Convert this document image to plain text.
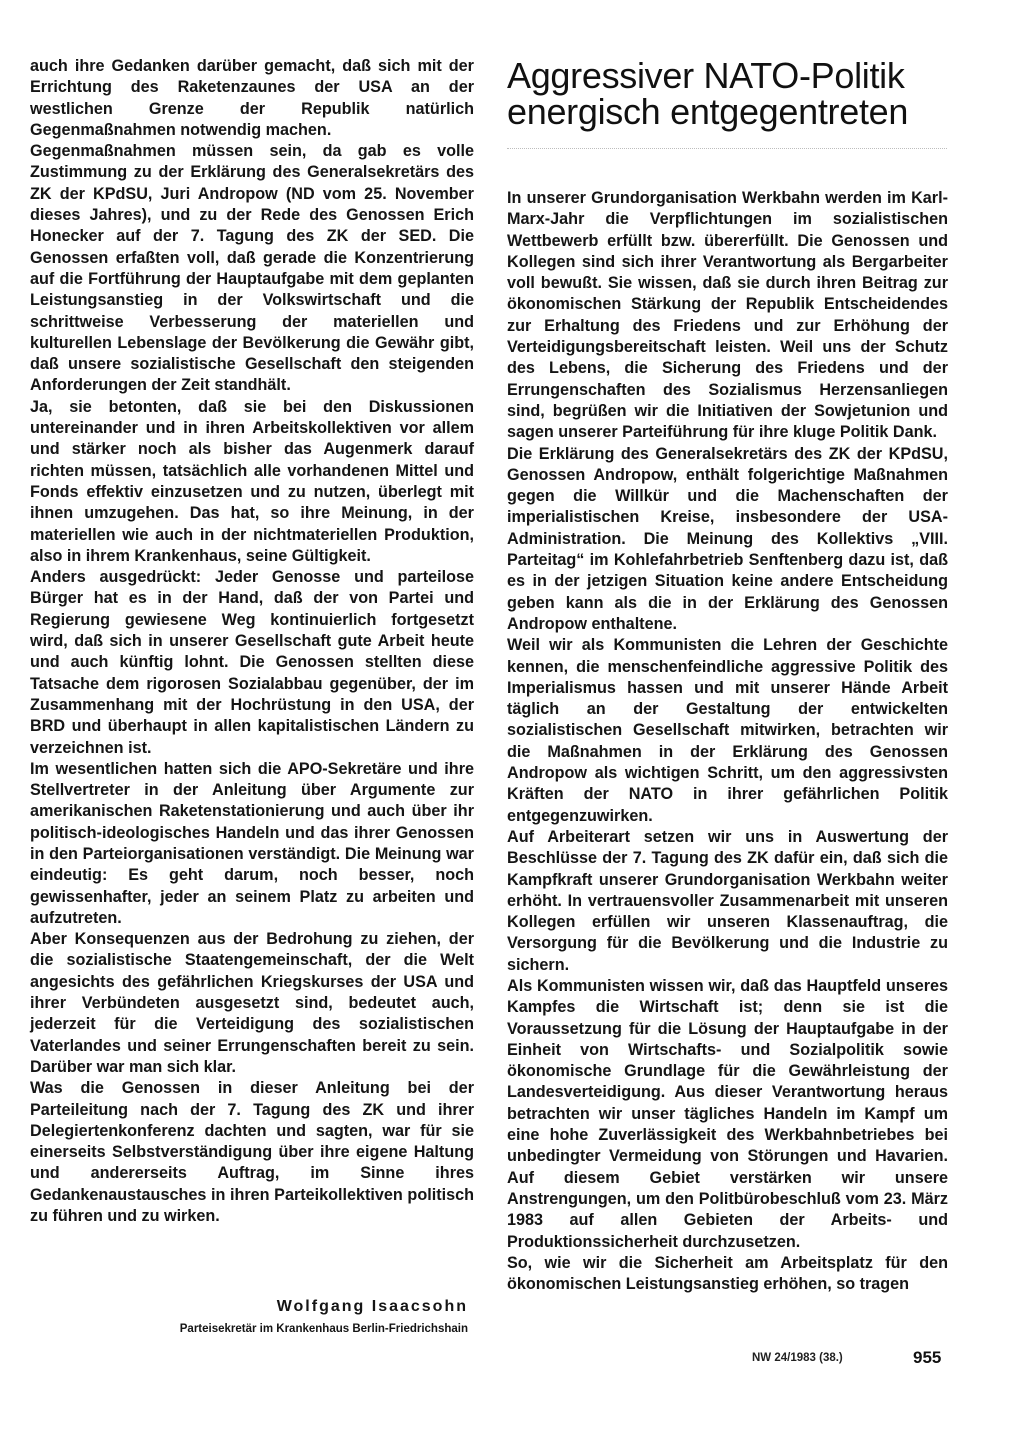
auch ihre Gedanken darüber gemacht, daß sich mit der Errichtung des Raketenzaunes der USA an der westlichen Grenze der Republik natürlich Gegenmaßnahmen notwendig machen.

Gegenmaßnahmen müssen sein, da gab es volle Zustimmung zu der Erklärung des Generalsekretärs des ZK der KPdSU, Juri Andropow (ND vom 25. November dieses Jahres), und zu der Rede des Genossen Erich Honecker auf der 7. Tagung des ZK der SED. Die Genossen erfaßten voll, daß gerade die Konzentrierung auf die Fortführung der Hauptaufgabe mit dem geplanten Leistungsanstieg in der Volkswirtschaft und die schrittweise Verbesserung der materiellen und kulturellen Lebenslage der Bevölkerung die Gewähr gibt, daß unsere sozialistische Gesellschaft den steigenden Anforderungen der Zeit standhält.

Ja, sie betonten, daß sie bei den Diskussionen untereinander und in ihren Arbeitskollektiven vor allem und stärker noch als bisher das Augenmerk darauf richten müssen, tatsächlich alle vorhandenen Mittel und Fonds effektiv einzusetzen und zu nutzen, überlegt mit ihnen umzugehen. Das hat, so ihre Meinung, in der materiellen wie auch in der nichtmateriellen Produktion, also in ihrem Krankenhaus, seine Gültigkeit.

Anders ausgedrückt: Jeder Genosse und parteilose Bürger hat es in der Hand, daß der von Partei und Regierung gewiesene Weg kontinuierlich fortgesetzt wird, daß sich in unserer Gesellschaft gute Arbeit heute und auch künftig lohnt. Die Genossen stellten diese Tatsache dem rigorosen Sozialabbau gegenüber, der im Zusammenhang mit der Hochrüstung in den USA, der BRD und überhaupt in allen kapitalistischen Ländern zu verzeichnen ist.

Im wesentlichen hatten sich die APO-Sekretäre und ihre Stellvertreter in der Anleitung über Argumente zur amerikanischen Raketenstationierung und auch über ihr politisch-ideologisches Handeln und das ihrer Genossen in den Parteiorganisationen verständigt. Die Meinung war eindeutig: Es geht darum, noch besser, noch gewissenhafter, jeder an seinem Platz zu arbeiten und aufzutreten.

Aber Konsequenzen aus der Bedrohung zu ziehen, der die sozialistische Staatengemeinschaft, der die Welt angesichts des gefährlichen Kriegskurses der USA und ihrer Verbündeten ausgesetzt sind, bedeutet auch, jederzeit für die Verteidigung des sozialistischen Vaterlandes und seiner Errungenschaften bereit zu sein. Darüber war man sich klar.

Was die Genossen in dieser Anleitung bei der Parteileitung nach der 7. Tagung des ZK und ihrer Delegiertenkonferenz dachten und sagten, war für sie einerseits Selbstverständigung über ihre eigene Haltung und andererseits Auftrag, im Sinne ihres Gedankenaustausches in ihren Parteikollektiven politisch zu führen und zu wirken.

Wolfgang Isaacsohn
Parteisekretär im Krankenhaus Berlin-Friedrichshain
Aggressiver NATO-Politik
energisch entgegentreten

In unserer Grundorganisation Werkbahn werden im Karl-Marx-Jahr die Verpflichtungen im sozialistischen Wettbewerb erfüllt bzw. übererfüllt. Die Genossen und Kollegen sind sich ihrer Verantwortung als Bergarbeiter voll bewußt. Sie wissen, daß sie durch ihren Beitrag zur ökonomischen Stärkung der Republik Entscheidendes zur Erhaltung des Friedens und zur Erhöhung der Verteidigungsbereitschaft leisten. Weil uns der Schutz des Lebens, die Sicherung des Friedens und der Errungenschaften des Sozialismus Herzensanliegen sind, begrüßen wir die Initiativen der Sowjetunion und sagen unserer Parteiführung für ihre kluge Politik Dank.

Die Erklärung des Generalsekretärs des ZK der KPdSU, Genossen Andropow, enthält folgerichtige Maßnahmen gegen die Willkür und die Machenschaften der imperialistischen Kreise, insbesondere der USA-Administration. Die Meinung des Kollektivs „VIII. Parteitag“ im Kohlefahrbetrieb Senftenberg dazu ist, daß es in der jetzigen Situation keine andere Entscheidung geben kann als die in der Erklärung des Genossen Andropow enthaltene.

Weil wir als Kommunisten die Lehren der Geschichte kennen, die menschenfeindliche aggressive Politik des Imperialismus hassen und mit unserer Hände Arbeit täglich an der Gestaltung der entwickelten sozialistischen Gesellschaft mitwirken, betrachten wir die Maßnahmen in der Erklärung des Genossen Andropow als wichtigen Schritt, um den aggressivsten Kräften der NATO in ihrer gefährlichen Politik entgegenzuwirken.

Auf Arbeiterart setzen wir uns in Auswertung der Beschlüsse der 7. Tagung des ZK dafür ein, daß sich die Kampfkraft unserer Grundorganisation Werkbahn weiter erhöht. In vertrauensvoller Zusammenarbeit mit unseren Kollegen erfüllen wir unseren Klassenauftrag, die Versorgung für die Bevölkerung und die Industrie zu sichern.

Als Kommunisten wissen wir, daß das Hauptfeld unseres Kampfes die Wirtschaft ist; denn sie ist die Voraussetzung für die Lösung der Hauptaufgabe in der Einheit von Wirtschafts- und Sozialpolitik sowie ökonomische Grundlage für die Gewährleistung der Landesverteidigung. Aus dieser Verantwortung heraus betrachten wir unser tägliches Handeln im Kampf um eine hohe Zuverlässigkeit des Werkbahnbetriebes bei unbedingter Vermeidung von Störungen und Havarien. Auf diesem Gebiet verstärken wir unsere Anstrengungen, um den Politbürobeschluß vom 23. März 1983 auf allen Gebieten der Arbeits- und Produktionssicherheit durchzusetzen.

So, wie wir die Sicherheit am Arbeitsplatz für den ökonomischen Leistungsanstieg erhöhen, so tragen

NW 24/1983 (38.)	955
